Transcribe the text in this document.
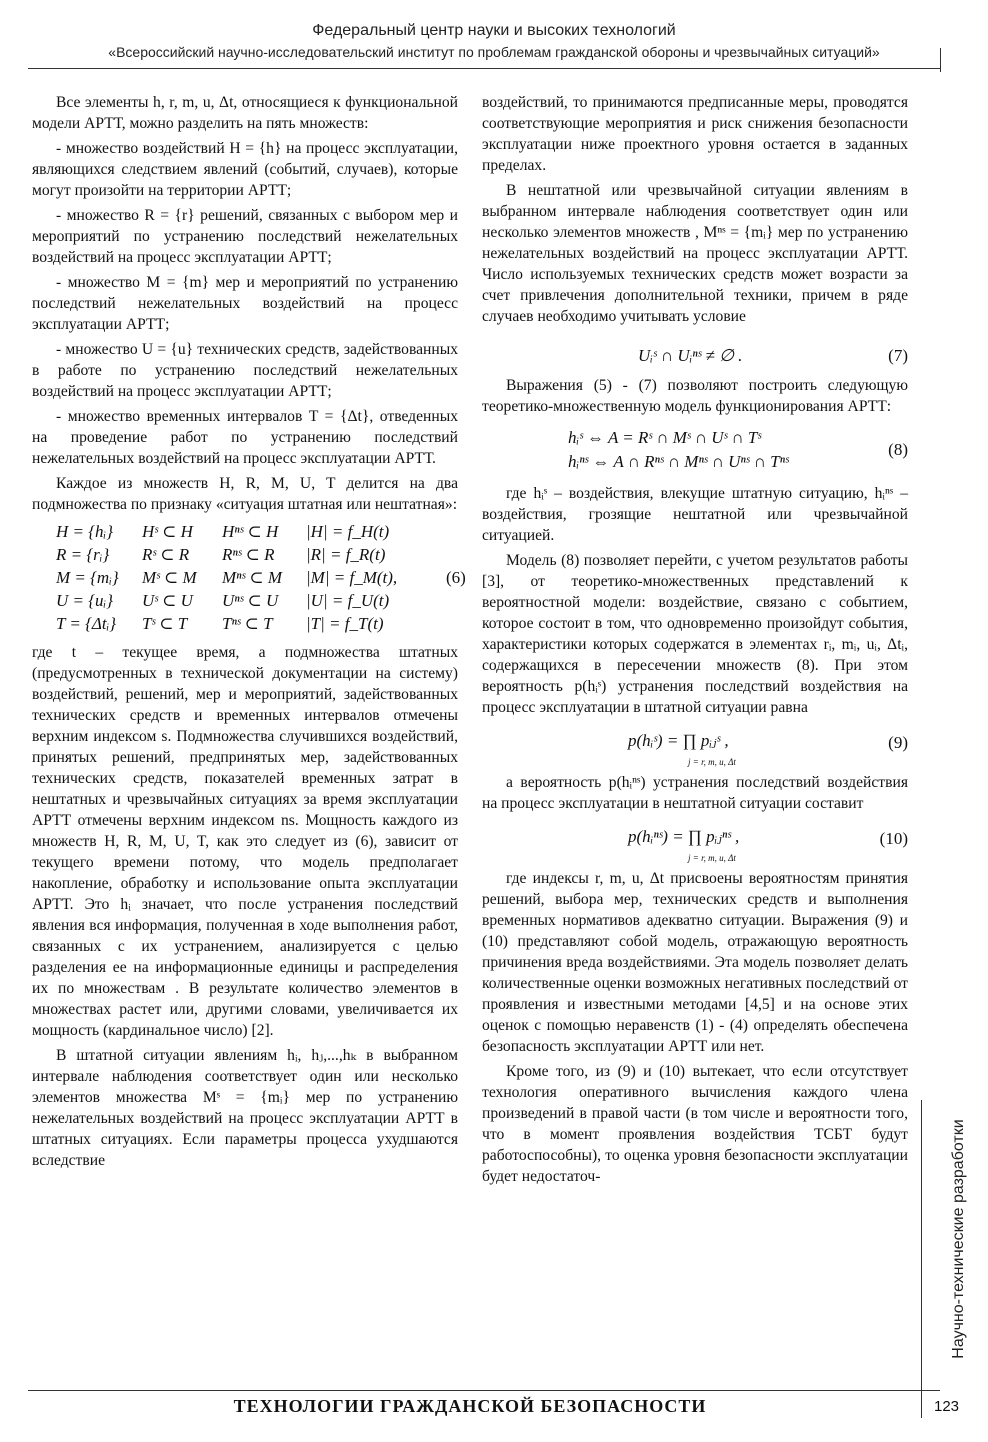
Федеральный центр науки и высоких технологий
«Всероссийский научно-исследовательский институт по проблемам гражданской обороны и чрезвычайных ситуаций»

Все элементы h, r, m, u, Δt, относящиеся к функциональной модели АРТТ, можно разделить на пять множеств:

- множество воздействий H = {h} на процесс эксплуатации, являющихся следствием явлений (событий, случаев), которые могут произойти на территории АРТТ;

- множество R = {r} решений, связанных с выбором мер и мероприятий по устранению последствий нежелательных воздействий на процесс эксплуатации АРТТ;

- множество M = {m} мер и мероприятий по устранению последствий нежелательных воздействий на процесс эксплуатации АРТТ;

- множество U = {u} технических средств, задействованных в работе по устранению последствий нежелательных воздействий на процесс эксплуатации АРТТ;

- множество временных интервалов T = {Δt}, отведенных на проведение работ по устранению последствий нежелательных воздействий на процесс эксплуатации АРТТ.

Каждое из множеств H, R, M, U, T делится на два подмножества по признаку «ситуация штатная или нештатная»:

H = {hᵢ}	Hˢ ⊂ H	Hⁿˢ ⊂ H	|H| = f_H(t)
R = {rᵢ}	Rˢ ⊂ R	Rⁿˢ ⊂ R	|R| = f_R(t)
M = {mᵢ}	Mˢ ⊂ M	Mⁿˢ ⊂ M	|M| = f_M(t),	(6)
U = {uᵢ}	Uˢ ⊂ U	Uⁿˢ ⊂ U	|U| = f_U(t)
T = {Δtᵢ}	Tˢ ⊂ T	Tⁿˢ ⊂ T	|T| = f_T(t)

где t – текущее время, а подмножества штатных (предусмотренных в технической документации на систему) воздействий, решений, мер и мероприятий, задействованных технических средств и временных интервалов отмечены верхним индексом s. Подмножества случившихся воздействий, принятых решений, предпринятых мер, задействованных технических средств, показателей временных затрат в нештатных и чрезвычайных ситуациях за время эксплуатации АРТТ отмечены верхним индексом ns. Мощность каждого из множеств H, R, M, U, T, как это следует из (6), зависит от текущего времени потому, что модель предполагает накопление, обработку и использование опыта эксплуатации АРТТ. Это hᵢ значает, что после устранения последствий явления вся информация, полученная в ходе выполнения работ, связанных с их устранением, анализируется с целью разделения ее на информационные единицы и распределения их по множествам . В результате количество элементов в множествах растет или, другими словами, увеличивается их мощность (кардинальное число) [2].

В штатной ситуации явлениям hᵢ, hⱼ,...,hₖ в выбранном интервале наблюдения соответствует один или несколько элементов множества Mˢ = {mᵢ} мер по устранению нежелательных воздействий на процесс эксплуатации АРТТ в штатных ситуациях. Если параметры процесса ухудшаются вследствие

воздействий, то принимаются предписанные меры, проводятся соответствующие мероприятия и риск снижения безопасности эксплуатации ниже проектного уровня остается в заданных пределах.

В нештатной или чрезвычайной ситуации явлениям в выбранном интервале наблюдения соответствует один или несколько элементов множеств , Mⁿˢ = {mᵢ} мер по устранению нежелательных воздействий на процесс эксплуатации АРТТ. Число используемых технических средств может возрасти за счет привлечения дополнительной техники, причем в ряде случаев необходимо учитывать условие

Uᵢˢ ∩ Uᵢⁿˢ ≠ ∅ .	(7)

Выражения (5) - (7) позволяют построить следующую теоретико-множественную модель функционирования АРТТ:

hᵢˢ ⇔ A = Rˢ ∩ Mˢ ∩ Uˢ ∩ Tˢ
hᵢⁿˢ ⇔ A ∩ Rⁿˢ ∩ Mⁿˢ ∩ Uⁿˢ ∩ Tⁿˢ
(8)

где hᵢˢ – воздействия, влекущие штатную ситуацию, hᵢⁿˢ – воздействия, грозящие нештатной или чрезвычайной ситуацией.

Модель (8) позволяет перейти, с учетом результатов работы [3], от теоретико-множественных представлений к вероятностной модели: воздействие, связано с событием, которое состоит в том, что одновременно произойдут события, характеристики которых содержатся в элементах rᵢ, mᵢ, uᵢ, Δtᵢ, содержащихся в пересечении множеств (8). При этом вероятность p(hᵢˢ) устранения последствий воздействия на процесс эксплуатации в штатной ситуации равна

p(hᵢˢ) = ∏ pᵢⱼˢ ,
j = r, m, u, Δt
(9)

а вероятность p(hᵢⁿˢ) устранения последствий воздействия на процесс эксплуатации в нештатной ситуации составит

p(hᵢⁿˢ) = ∏ pᵢⱼⁿˢ ,
j = r, m, u, Δt
(10)

где индексы r, m, u, Δt присвоены вероятностям принятия решений, выбора мер, технических средств и выполнения временных нормативов адекватно ситуации. Выражения (9) и (10) представляют собой модель, отражающую вероятность причинения вреда воздействиями. Эта модель позволяет делать количественные оценки возможных негативных последствий от проявления и известными методами [4,5] и на основе этих оценок с помощью неравенств (1) - (4) определять обеспечена безопасность эксплуатации АРТТ или нет.

Кроме того, из (9) и (10) вытекает, что если отсутствует технология оперативного вычисления каждого члена произведений в правой части (в том числе и вероятности того, что в момент проявления воздействия ТСБТ будут работоспособны), то оценка уровня безопасности эксплуатации будет недостаточ-	Научно-технические разработки
ТЕХНОЛОГИИ ГРАЖДАНСКОЙ БЕЗОПАСНОСТИ	123
